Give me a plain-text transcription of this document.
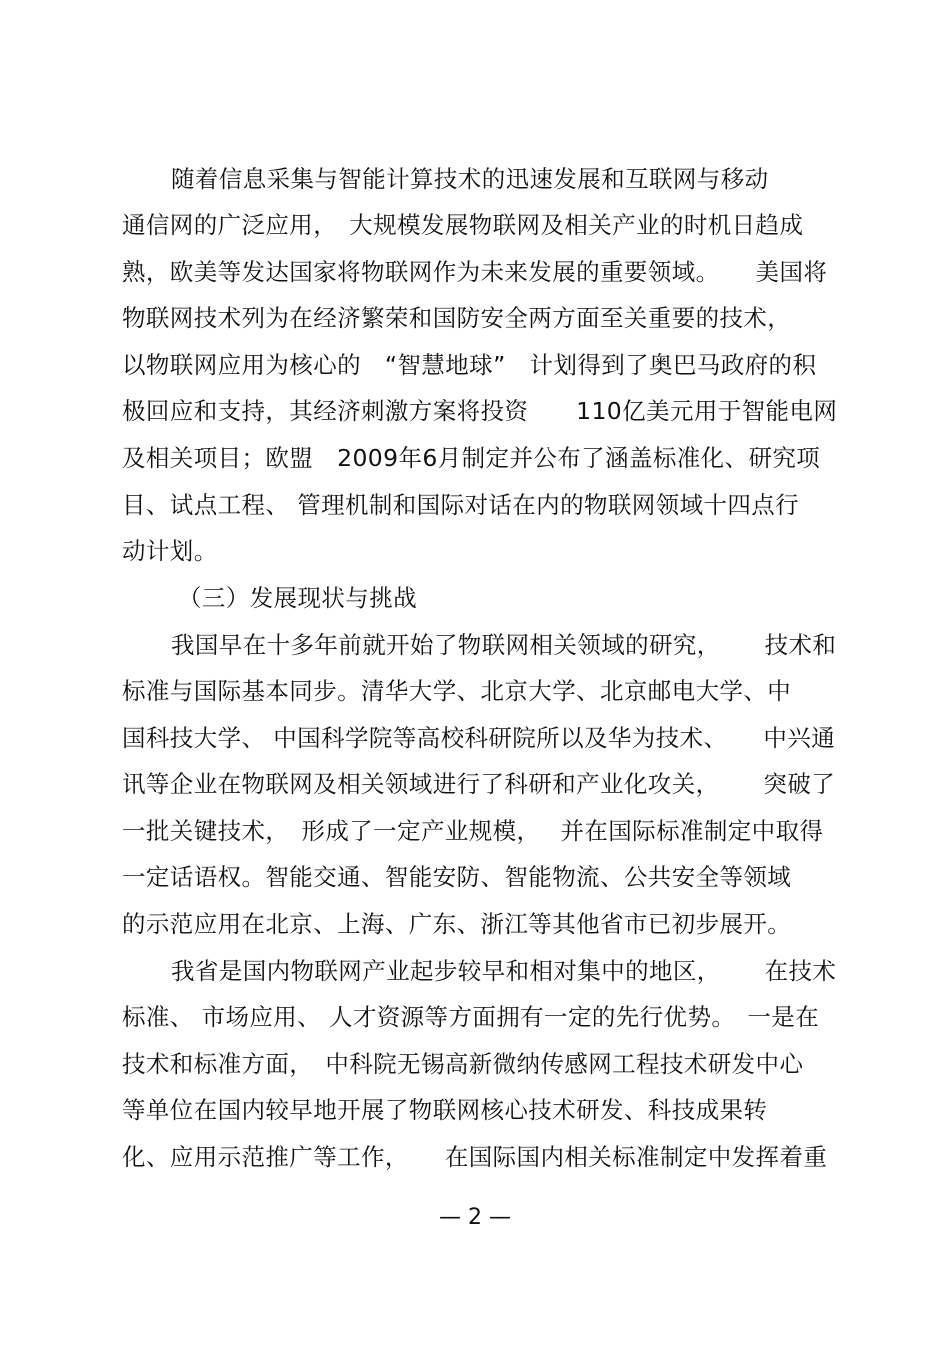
随着信息采集与智能计算技术的迅速发展和互联网与移动
通信网的广泛应用，　大规模发展物联网及相关产业的时机日趋成
熟，欧美等发达国家将物联网作为未来发展的重要领域。　　美国将
物联网技术列为在经济繁荣和国防安全两方面至关重要的技术，
以物联网应用为核心的　“智慧地球”　计划得到了奥巴马政府的积
极回应和支持，其经济刺激方案将投资　　110亿美元用于智能电网
及相关项目；欧盟　2009年6月制定并公布了涵盖标准化、研究项
目、试点工程、 管理机制和国际对话在内的物联网领域十四点行
动计划。
（三）发展现状与挑战
我国早在十多年前就开始了物联网相关领域的研究，　　 技术和
标准与国际基本同步。清华大学、北京大学、北京邮电大学、中
国科技大学、 中国科学院等高校科研院所以及华为技术、　　中兴通
讯等企业在物联网及相关领域进行了科研和产业化攻关，　　 突破了
一批关键技术，　形成了一定产业规模，　 并在国际标准制定中取得
一定话语权。智能交通、智能安防、智能物流、公共安全等领域
的示范应用在北京、上海、广东、浙江等其他省市已初步展开。
我省是国内物联网产业起步较早和相对集中的地区，　　 在技术
标准、 市场应用、 人才资源等方面拥有一定的先行优势。　一是在
技术和标准方面，　中科院无锡高新微纳传感网工程技术研发中心
等单位在国内较早地开展了物联网核心技术研发、科技成果转
化、应用示范推广等工作，　　在国际国内相关标准制定中发挥着重
— 2 —
